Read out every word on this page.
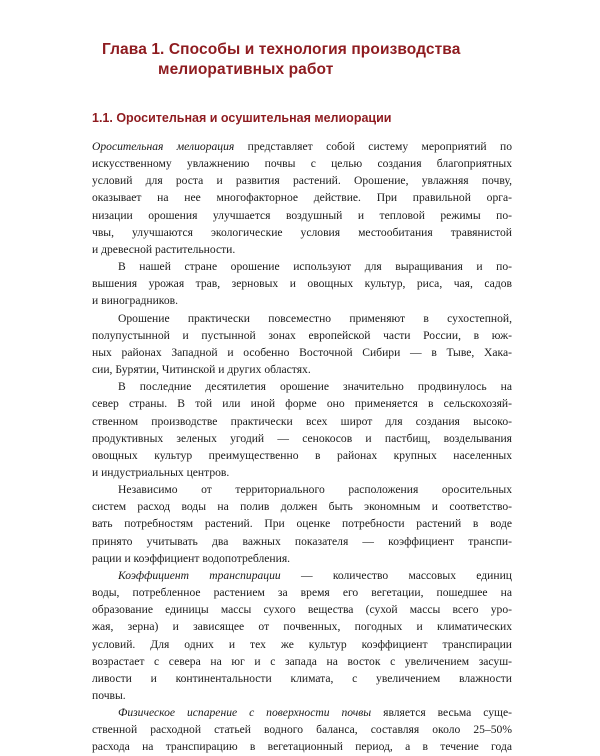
Глава 1. Способы и технология производства
мелиоративных работ
1.1. Оросительная и осушительная мелиорации

Оросительная мелиорация представляет собой систему мероприятий по

искусственному увлажнению почвы с целью создания благоприятных

условий для роста и развития растений. Орошение, увлажняя почву,

оказывает на нее многофакторное действие. При правильной орга-

низации орошения улучшается воздушный и тепловой режимы по-

чвы, улучшаются экологические условия местообитания травянистой

и древесной растительности.

В нашей стране орошение используют для выращивания и по-

вышения урожая трав, зерновых и овощных культур, риса, чая, садов

и виноградников.

Орошение практически повсеместно применяют в сухостепной,

полупустынной и пустынной зонах европейской части России, в юж-

ных районах Западной и особенно Восточной Сибири — в Тыве, Хака-

сии, Бурятии, Читинской и других областях.

В последние десятилетия орошение значительно продвинулось на

север страны. В той или иной форме оно применяется в сельскохозяй-

ственном производстве практически всех широт для создания высоко-

продуктивных зеленых угодий — сенокосов и пастбищ, возделывания

овощных культур преимущественно в районах крупных населенных

и индустриальных центров.

Независимо от территориального расположения оросительных

систем расход воды на полив должен быть экономным и соответство-

вать потребностям растений. При оценке потребности растений в воде

принято учитывать два важных показателя — коэффициент транспи-

рации и коэффициент водопотребления.

Коэффициент транспирации — количество массовых единиц

воды, потребленное растением за время его вегетации, пошедшее на

образование единицы массы сухого вещества (сухой массы всего уро-

жая, зерна) и зависящее от почвенных, погодных и климатических

условий. Для одних и тех же культур коэффициент транспирации

возрастает с севера на юг и с запада на восток с увеличением засуш-

ливости и континентальности климата, с увеличением влажности

почвы.

Физическое испарение с поверхности почвы является весьма суще-

ственной расходной статьей водного баланса, составляя около 25–50%

расхода на транспирацию в вегетационный период, а в течение года
